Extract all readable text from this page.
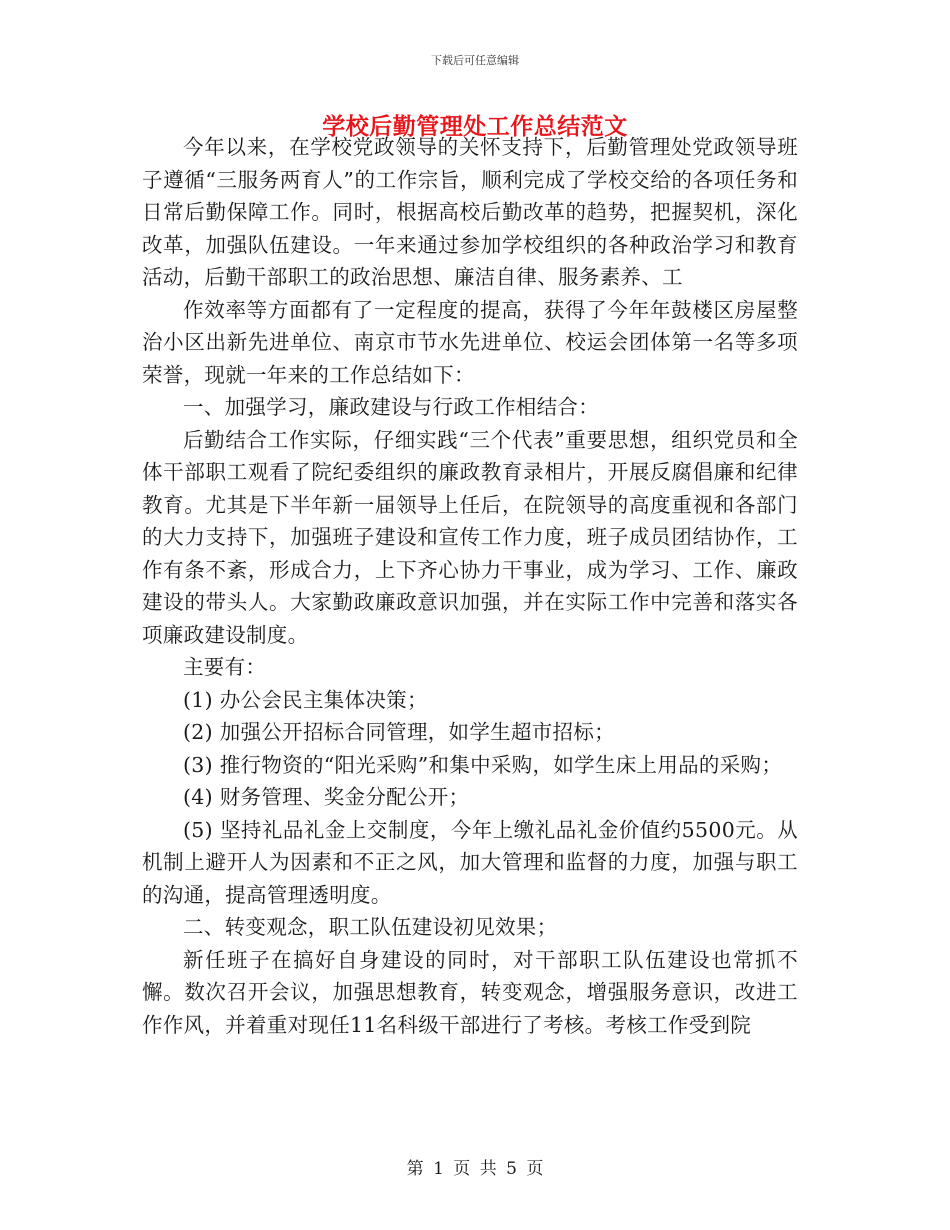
下载后可任意编辑
学校后勤管理处工作总结范文

今年以来，在学校党政领导的关怀支持下，后勤管理处党政领导班子遵循“三服务两育人”的工作宗旨，顺利完成了学校交给的各项任务和日常后勤保障工作。同时，根据高校后勤改革的趋势，把握契机，深化改革，加强队伍建设。一年来通过参加学校组织的各种政治学习和教育活动，后勤干部职工的政治思想、廉洁自律、服务素养、工

作效率等方面都有了一定程度的提高，获得了今年年鼓楼区房屋整治小区出新先进单位、南京市节水先进单位、校运会团体第一名等多项荣誉，现就一年来的工作总结如下：

一、加强学习，廉政建设与行政工作相结合：

后勤结合工作实际，仔细实践“三个代表”重要思想，组织党员和全体干部职工观看了院纪委组织的廉政教育录相片，开展反腐倡廉和纪律教育。尤其是下半年新一届领导上任后，在院领导的高度重视和各部门的大力支持下，加强班子建设和宣传工作力度，班子成员团结协作，工作有条不紊，形成合力，上下齐心协力干事业，成为学习、工作、廉政建设的带头人。大家勤政廉政意识加强，并在实际工作中完善和落实各项廉政建设制度。

主要有：

(1) 办公会民主集体决策；

(2) 加强公开招标合同管理，如学生超市招标；

(3) 推行物资的“阳光采购”和集中采购，如学生床上用品的采购；

(4) 财务管理、奖金分配公开；

(5) 坚持礼品礼金上交制度，今年上缴礼品礼金价值约5500元。从机制上避开人为因素和不正之风，加大管理和监督的力度，加强与职工的沟通，提高管理透明度。

二、转变观念，职工队伍建设初见效果；

新任班子在搞好自身建设的同时，对干部职工队伍建设也常抓不懈。数次召开会议，加强思想教育，转变观念，增强服务意识，改进工作作风，并着重对现任11名科级干部进行了考核。考核工作受到院

第 1 页 共 5 页
